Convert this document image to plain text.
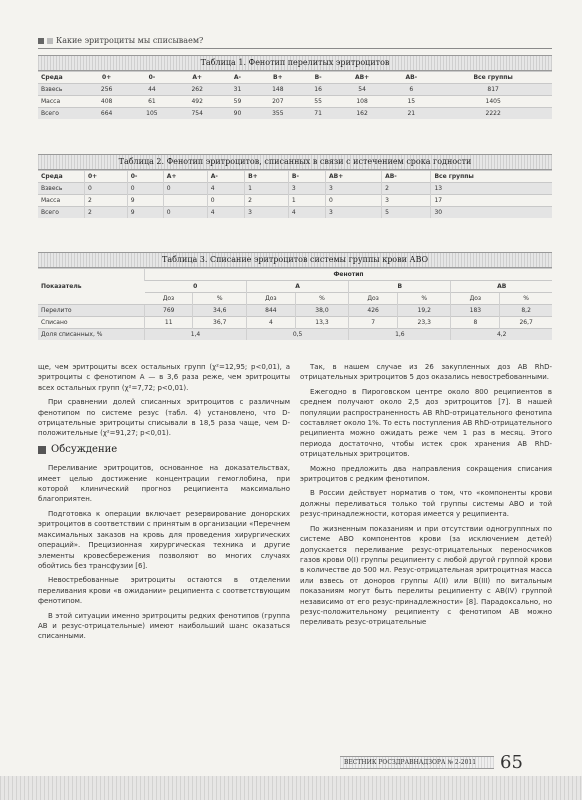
Какие эритроциты мы списываем?
Таблица 1. Фенотип перелитых эритроцитов
Среда	0+	0-	A+	A-	B+	B-	AB+	AB-	Все группы
Взвесь	256	44	262	31	148	16	54	6	817
Масса	408	61	492	59	207	55	108	15	1405
Всего	664	105	754	90	355	71	162	21	2222
Таблица 2. Фенотип эритроцитов, списанных в связи с истечением срока годности
Среда	0+	0-	A+	A-	B+	B-	AB+	AB-	Все группы
Взвесь	0	0	0	4	1	3	3	2	13
Масса	2	9		0	2	1	0	3	17
Всего	2	9	0	4	3	4	3	5	30
Таблица 3. Списание эритроцитов системы группы крови АВО
Показатель	Фенотип							
	0		A		B		AB	
	Доз	%	Доз	%	Доз	%	Доз	%
Перелито	769	34,6	844	38,0	426	19,2	183	8,2
Списано	11	36,7	4	13,3	7	23,3	8	26,7
Доля списанных, %	1,4		0,5		1,6		4,2	

ще, чем эритроциты всех остальных групп (χ²=12,95; p<0,01), а эритроциты с фенотипом А — в 3,6 раза реже, чем эритроциты всех остальных групп (χ²=7,72; p<0,01).

При сравнении долей списанных эритроцитов с различным фенотипом по системе резус (табл. 4) установлено, что D-отрицательные эритроциты списывали в 18,5 раза чаще, чем D-положительные (χ²=91,27; p<0,01).

Обсуждение

Переливание эритроцитов, основанное на доказательствах, имеет целью достижение концентрации гемоглобина, при которой клинический прогноз реципиента максимально благоприятен.

Подготовка к операции включает резервирование донорских эритроцитов в соответствии с принятым в организации «Перечнем максимальных заказов на кровь для проведения хирургических операций». Прецизионная хирургическая техника и другие элементы кровесбережения позволяют во многих случаях обойтись без трансфузии [6].

Невостребованные эритроциты остаются в отделении переливания крови «в ожидании» реципиента с соответствующим фенотипом.

В этой ситуации именно эритроциты редких фенотипов (группа АВ и резус-отрицательные) имеют наибольший шанс оказаться списанными.

Так, в нашем случае из 26 закупленных доз AB RhD-отрицательных эритроцитов 5 доз оказались невостребованными.

Ежегодно в Пироговском центре около 800 реципиентов в среднем получают около 2,5 доз эритроцитов [7]. В нашей популяции распространенность AB RhD-отрицательного фенотипа составляет около 1%. То есть поступления AB RhD-отрицательного реципиента можно ожидать реже чем 1 раз в месяц. Этого периода достаточно, чтобы истек срок хранения AB RhD-отрицательных эритроцитов.

Можно предложить два направления сокращения списания эритроцитов с редким фенотипом.

В России действует норматив о том, что «компоненты крови должны переливаться только той группы системы АВО и той резус-принадлежности, которая имеется у реципиента.

По жизненным показаниям и при отсутствии одногруппных по системе АВО компонентов крови (за исключением детей) допускается переливание резус-отрицательных переносчиков газов крови 0(I) группы реципиенту с любой другой группой крови в количестве до 500 мл. Резус-отрицательная эритроцитная масса или взвесь от доноров группы А(II) или В(III) по витальным показаниям могут быть перелиты реципиенту с АВ(IV) группой независимо от его резус-принадлежности» [8]. Парадоксально, но резус-положительному реципиенту с фенотипом AB можно переливать резус-отрицательные

ВЕСТНИК РОСЗДРАВНАДЗОРА № 2-2011	65
